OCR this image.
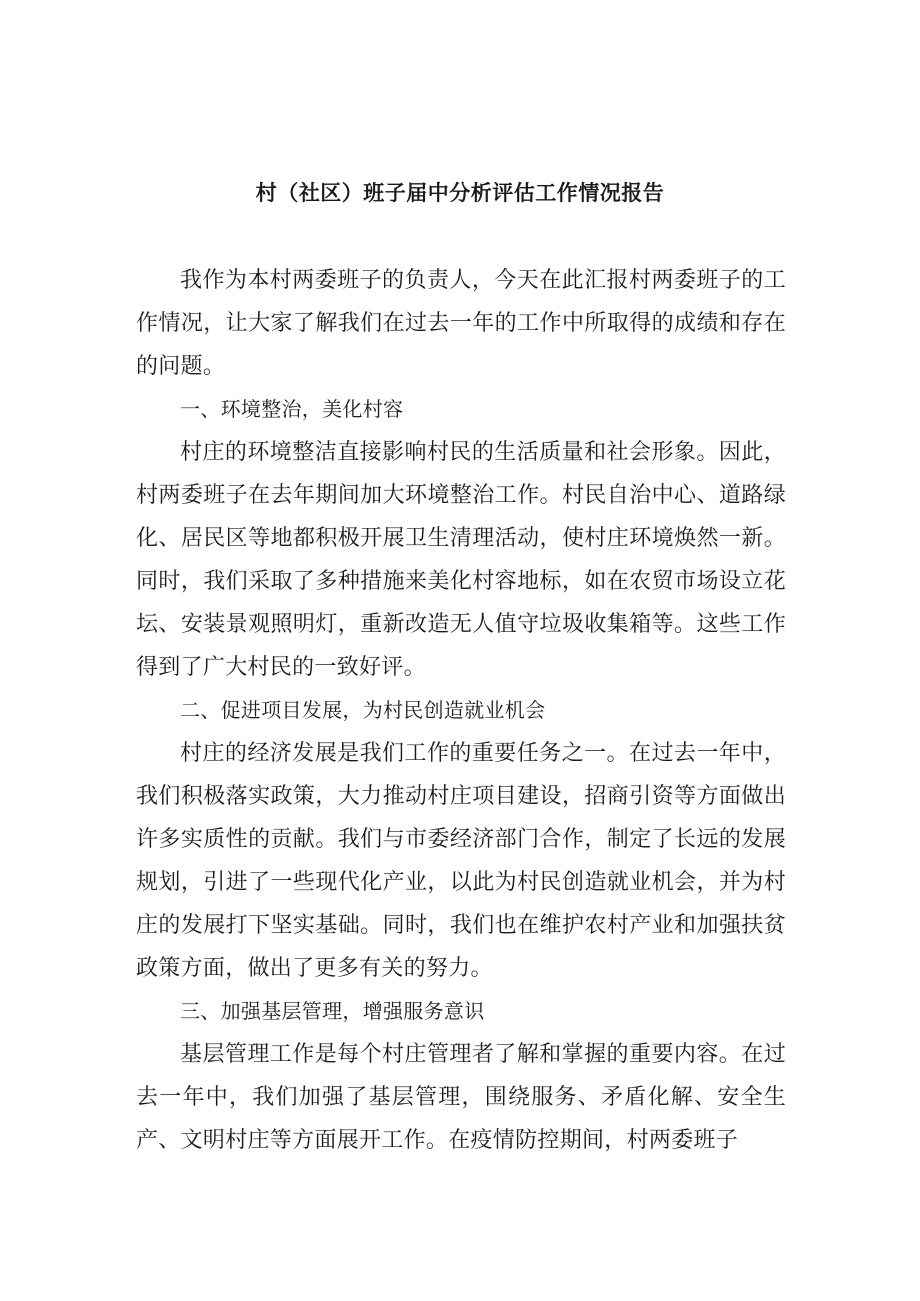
村（社区）班子届中分析评估工作情况报告

我作为本村两委班子的负责人，今天在此汇报村两委班子的工作情况，让大家了解我们在过去一年的工作中所取得的成绩和存在的问题。

一、环境整治，美化村容

村庄的环境整洁直接影响村民的生活质量和社会形象。因此，村两委班子在去年期间加大环境整治工作。村民自治中心、道路绿化、居民区等地都积极开展卫生清理活动，使村庄环境焕然一新。同时，我们采取了多种措施来美化村容地标，如在农贸市场设立花坛、安装景观照明灯，重新改造无人值守垃圾收集箱等。这些工作得到了广大村民的一致好评。

二、促进项目发展，为村民创造就业机会

村庄的经济发展是我们工作的重要任务之一。在过去一年中，我们积极落实政策，大力推动村庄项目建设，招商引资等方面做出许多实质性的贡献。我们与市委经济部门合作，制定了长远的发展规划，引进了一些现代化产业，以此为村民创造就业机会，并为村庄的发展打下坚实基础。同时，我们也在维护农村产业和加强扶贫政策方面，做出了更多有关的努力。

三、加强基层管理，增强服务意识

基层管理工作是每个村庄管理者了解和掌握的重要内容。在过去一年中，我们加强了基层管理，围绕服务、矛盾化解、安全生产、文明村庄等方面展开工作。在疫情防控期间，村两委班子
